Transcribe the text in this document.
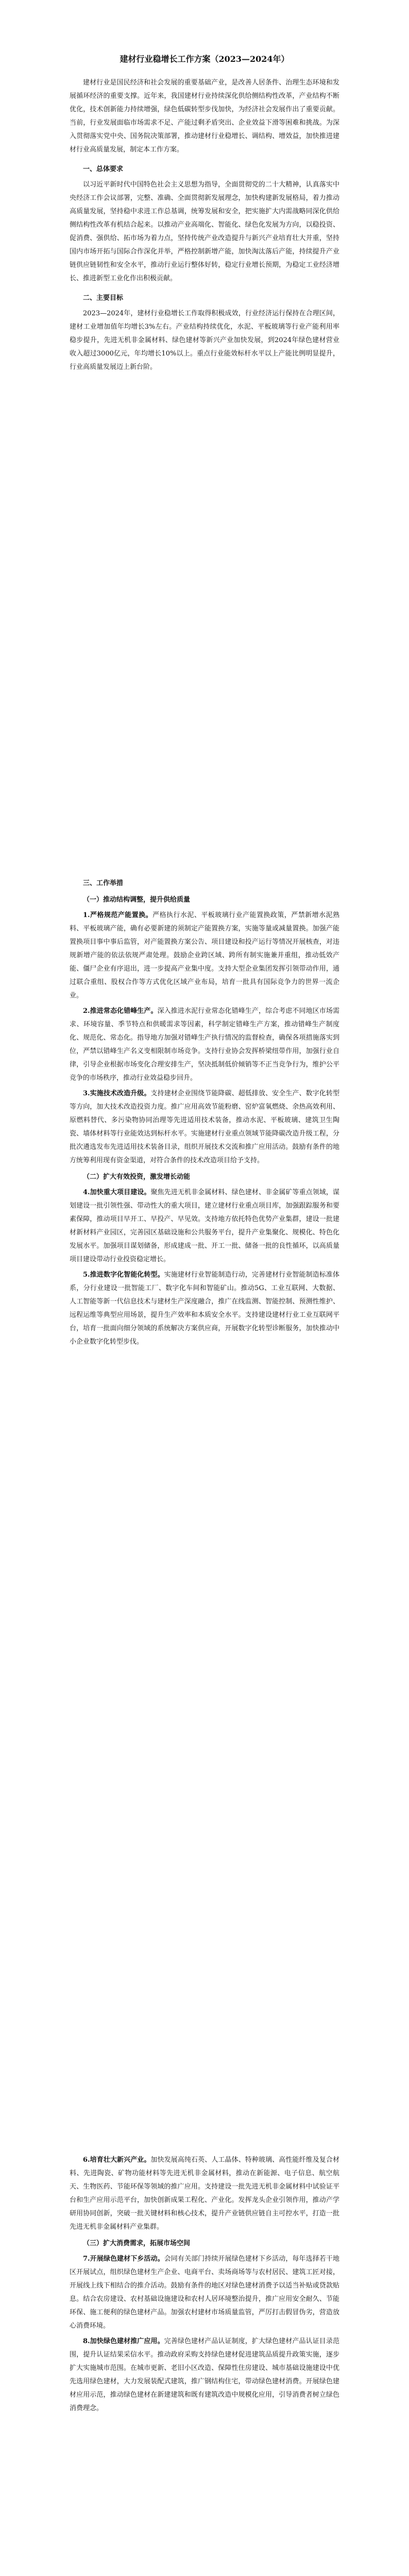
建材行业稳增长工作方案（2023—2024年）

建材行业是国民经济和社会发展的重要基础产业，是改善人居条件、治理生态环境和发展循环经济的重要支撑。近年来，我国建材行业持续深化供给侧结构性改革，产业结构不断优化，技术创新能力持续增强，绿色低碳转型步伐加快，为经济社会发展作出了重要贡献。当前，行业发展面临市场需求不足、产能过剩矛盾突出、企业效益下滑等困难和挑战。为深入贯彻落实党中央、国务院决策部署，推动建材行业稳增长、调结构、增效益，加快推进建材行业高质量发展，制定本工作方案。

一、总体要求

以习近平新时代中国特色社会主义思想为指导，全面贯彻党的二十大精神，认真落实中央经济工作会议部署，完整、准确、全面贯彻新发展理念，加快构建新发展格局，着力推动高质量发展，坚持稳中求进工作总基调，统筹发展和安全，把实施扩大内需战略同深化供给侧结构性改革有机结合起来。以推动产业高端化、智能化、绿色化发展为方向，以稳投资、促消费、强供给、拓市场为着力点，坚持传统产业改造提升与新兴产业培育壮大并重，坚持国内市场开拓与国际合作深化并举，严格控制新增产能，加快淘汰落后产能，持续提升产业链供应链韧性和安全水平，推动行业运行整体好转，稳定行业增长预期，为稳定工业经济增长、推进新型工业化作出积极贡献。

二、主要目标

2023—2024年，建材行业稳增长工作取得积极成效，行业经济运行保持在合理区间，建材工业增加值年均增长3%左右。产业结构持续优化，水泥、平板玻璃等行业产能利用率稳步提升，先进无机非金属材料、绿色建材等新兴产业加快发展，到2024年绿色建材营业收入超过3000亿元，年均增长10%以上。重点行业能效标杆水平以上产能比例明显提升，行业高质量发展迈上新台阶。

三、工作举措
（一）推动结构调整，提升供给质量

1.严格规范产能置换。严格执行水泥、平板玻璃行业产能置换政策，严禁新增水泥熟料、平板玻璃产能，确有必要新建的须制定产能置换方案，实施等量或减量置换。加强产能置换项目事中事后监管，对产能置换方案公告、项目建设和投产运行等情况开展核查，对违规新增产能的依法依规严肃处理。鼓励企业跨区域、跨所有制实施兼并重组，推动低效产能、僵尸企业有序退出，进一步提高产业集中度。支持大型企业集团发挥引领带动作用，通过联合重组、股权合作等方式优化区域产业布局，培育一批具有国际竞争力的世界一流企业。

2.推进常态化错峰生产。深入推进水泥行业常态化错峰生产，综合考虑不同地区市场需求、环境容量、季节特点和供暖需求等因素，科学制定错峰生产方案，推动错峰生产制度化、规范化、常态化。指导地方加强对错峰生产执行情况的监督检查，确保各项措施落实到位，严禁以错峰生产名义变相限制市场竞争。支持行业协会发挥桥梁纽带作用，加强行业自律，引导企业根据市场变化合理安排生产，坚决抵制低价倾销等不正当竞争行为，维护公平竞争的市场秩序，推动行业效益稳步回升。

3.实施技术改造升级。支持建材企业围绕节能降碳、超低排放、安全生产、数字化转型等方向，加大技术改造投资力度。推广应用高效节能粉磨、窑炉富氧燃烧、余热高效利用、原燃料替代、多污染物协同治理等先进适用技术装备，推动水泥、平板玻璃、建筑卫生陶瓷、墙体材料等行业能效达到标杆水平。实施建材行业重点领域节能降碳改造升级工程，分批次遴选发布先进适用技术装备目录，组织开展技术交流和推广应用活动。鼓励有条件的地方统筹利用现有资金渠道，对符合条件的技术改造项目给予支持。

（二）扩大有效投资，激发增长动能

4.加快重大项目建设。聚焦先进无机非金属材料、绿色建材、非金属矿等重点领域，谋划建设一批引领性强、带动性大的重大项目，建立建材行业重点项目库，加强跟踪服务和要素保障，推动项目早开工、早投产、早见效。支持地方依托特色优势产业集群，建设一批建材新材料产业园区，完善园区基础设施和公共服务平台，提升产业集聚化、规模化、特色化发展水平。加强项目谋划储备，形成建成一批、开工一批、储备一批的良性循环，以高质量项目建设带动行业投资稳定增长。

5.推进数字化智能化转型。实施建材行业智能制造行动，完善建材行业智能制造标准体系，分行业建设一批智能工厂、数字化车间和智能矿山。推动5G、工业互联网、大数据、人工智能等新一代信息技术与建材生产深度融合，推广在线监测、智能控制、预测性维护、远程运维等典型应用场景，提升生产效率和本质安全水平。支持建设建材行业工业互联网平台，培育一批面向细分领域的系统解决方案供应商，开展数字化转型诊断服务，加快推动中小企业数字化转型步伐。

6.培育壮大新兴产业。加快发展高纯石英、人工晶体、特种玻璃、高性能纤维及复合材料、先进陶瓷、矿物功能材料等先进无机非金属材料，推动在新能源、电子信息、航空航天、生物医药、节能环保等领域的推广应用。支持建设一批先进无机非金属材料中试验证平台和生产应用示范平台，加快创新成果工程化、产业化。发挥龙头企业引领作用，推动产学研用协同创新，突破一批关键材料和核心技术，提升产业链供应链自主可控水平，打造一批先进无机非金属材料产业集群。

（三）扩大消费需求，拓展市场空间

7.开展绿色建材下乡活动。会同有关部门持续开展绿色建材下乡活动，每年选择若干地区开展试点，组织绿色建材生产企业、电商平台、卖场商场等与农村居民、建筑工匠对接，开展线上线下相结合的推介活动。鼓励有条件的地区对绿色建材消费予以适当补贴或贷款贴息。结合农房建设、农村基础设施建设和农村人居环境整治提升，推广应用安全耐久、节能环保、施工便利的绿色建材产品。加强农村建材市场质量监管，严厉打击假冒伪劣，营造放心消费环境。

8.加快绿色建材推广应用。完善绿色建材产品认证制度，扩大绿色建材产品认证目录范围，提升认证结果采信水平。推动政府采购支持绿色建材促进建筑品质提升政策实施，逐步扩大实施城市范围。在城市更新、老旧小区改造、保障性住房建设、城市基础设施建设中优先选用绿色建材，大力发展装配式建筑，推广钢结构住宅，带动绿色建材消费。开展绿色建材应用示范，推动绿色建材在新建建筑和既有建筑改造中规模化应用，引导消费者树立绿色消费理念。
